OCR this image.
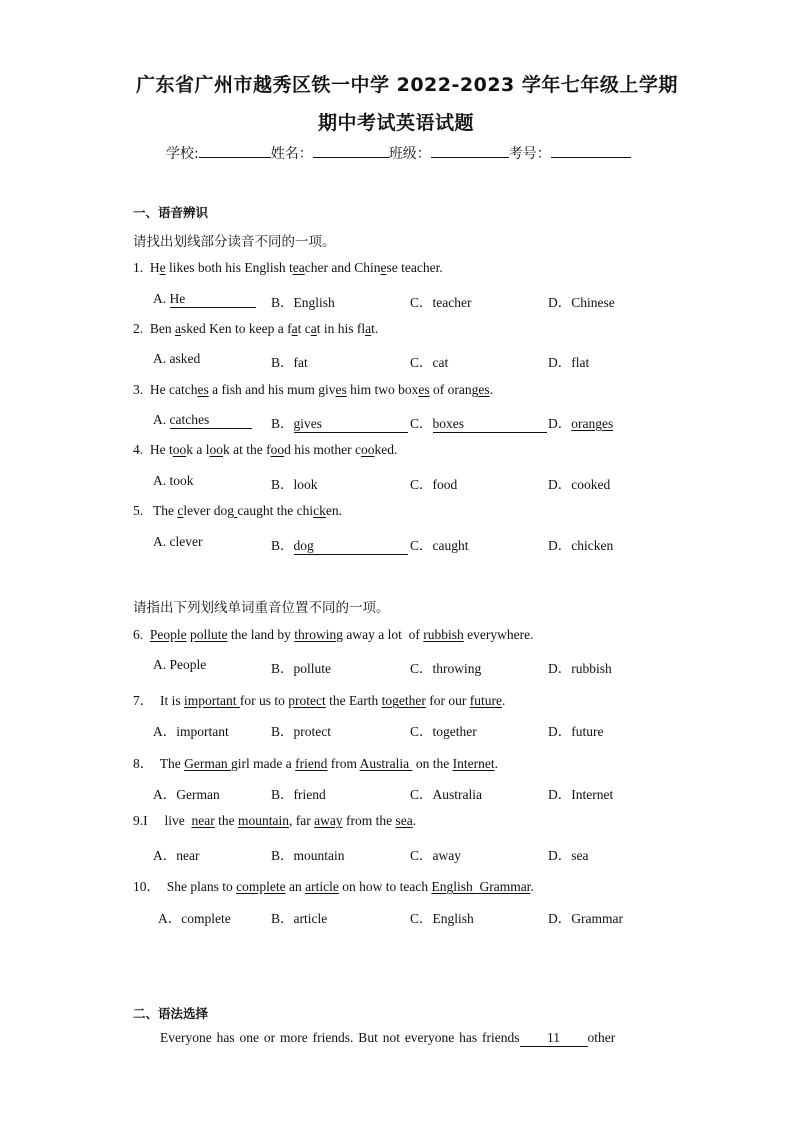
广东省广州市越秀区铁一中学 2022-2023 学年七年级上学期
期中考试英语试题
学校:	姓名：	班级：	考号：
一、语音辨识
请找出划线部分读音不同的一项。
1.  He likes both his English teacher and Chinese teacher.
2.  Ben asked Ken to keep a fat cat in his flat.
3.  He catches a fish and his mum gives him two boxes of oranges.
4.  He took a look at the food his mother cooked.
5.   The clever dog caught the chicken.
A. He	B．English	C．teacher	D．Chinese
A. asked	B．fat	C．cat	D．flat
A. catches	B．gives	C．boxes	D．oranges
A. took	B．look	C．food	D．cooked
A. clever	B．dog	C．caught	D．chicken
请指出下列划线单词重音位置不同的一项。
6.  People pollute the land by throwing away a lot  of rubbish everywhere.
7．  It is important for us to protect the Earth together for our future.
8．  The German girl made a friend from Australia  on the Internet.
9.I     live  near the mountain, far away from the sea.
10．  She plans to complete an article on how to teach English  Grammar.
A. People	B．pollute	C．throwing	D．rubbish
A．important	B．protect	C．together	D．future
A．German	B．friend	C．Australia	D．Internet
A．near	B．mountain	C．away	D．sea
A．complete	B．article	C．English	D．Grammar
二、语法选择
Everyone has one or more friends. But not everyone has friends 11 other
